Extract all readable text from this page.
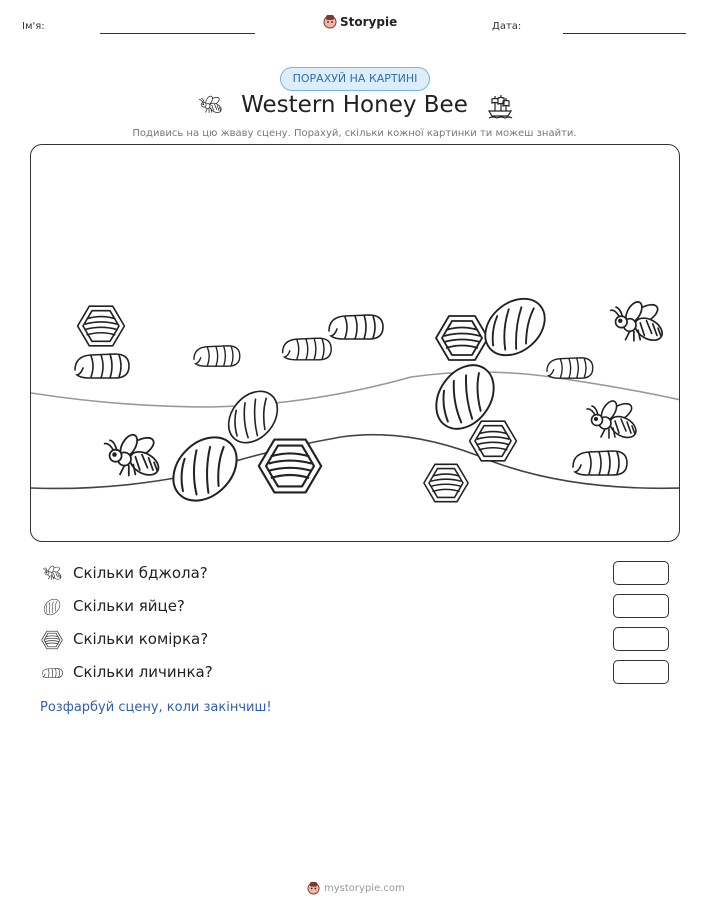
Ім'я:	Storypie	Дата:
ПОРАХУЙ НА КАРТИНІ
Western Honey Bee
Подивись на цю жваву сцену. Порахуй, скільки кожної картинки ти можеш знайти.
Скільки бджола?
Скільки яйце?
Скільки комірка?
Скільки личинка?
Розфарбуй сцену, коли закінчиш!
mystorypie.com
